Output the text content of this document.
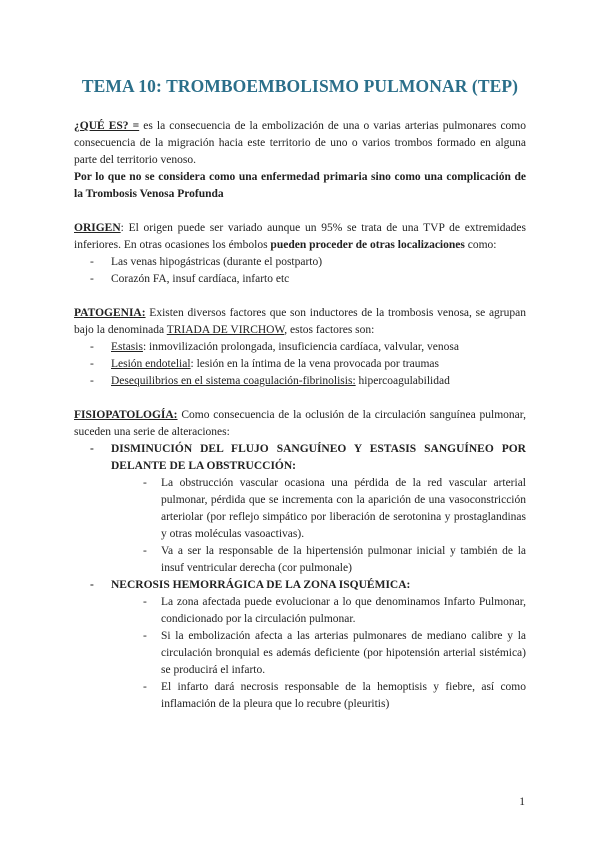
TEMA 10: TROMBOEMBOLISMO PULMONAR (TEP)

¿QUÉ ES? = es la consecuencia de la embolización de una o varias arterias pulmonares como consecuencia de la migración hacia este territorio de uno o varios trombos formado en alguna parte del territorio venoso.

Por lo que no se considera como una enfermedad primaria sino como una complicación de la Trombosis Venosa Profunda

ORIGEN: El origen puede ser variado aunque un 95% se trata de una TVP de extremidades inferiores. En otras ocasiones los émbolos pueden proceder de otras localizaciones como:

- Las venas hipogástricas (durante el postparto)
- Corazón FA, insuf cardíaca, infarto etc

PATOGENIA: Existen diversos factores que son inductores de la trombosis venosa, se agrupan bajo la denominada TRIADA DE VIRCHOW, estos factores son:

- Estasis: inmovilización prolongada, insuficiencia cardíaca, valvular, venosa
- Lesión endotelial: lesión en la íntima de la vena provocada por traumas
- Desequilibrios en el sistema coagulación-fibrinolisis: hipercoagulabilidad

FISIOPATOLOGÍA: Como consecuencia de la oclusión de la circulación sanguínea pulmonar, suceden una serie de alteraciones:

- DISMINUCIÓN DEL FLUJO SANGUÍNEO Y ESTASIS SANGUÍNEO POR DELANTE DE LA OBSTRUCCIÓN:
- La obstrucción vascular ocasiona una pérdida de la red vascular arterial pulmonar, pérdida que se incrementa con la aparición de una vasoconstricción arteriolar (por reflejo simpático por liberación de serotonina y prostaglandinas y otras moléculas vasoactivas).
- Va a ser la responsable de la hipertensión pulmonar inicial y también de la insuf ventricular derecha (cor pulmonale)
- NECROSIS HEMORRÁGICA DE LA ZONA ISQUÉMICA:
- La zona afectada puede evolucionar a lo que denominamos Infarto Pulmonar, condicionado por la circulación pulmonar.
- Si la embolización afecta a las arterias pulmonares de mediano calibre y la circulación bronquial es además deficiente (por hipotensión arterial sistémica) se producirá el infarto.
- El infarto dará necrosis responsable de la hemoptisis y fiebre, así como inflamación de la pleura que lo recubre (pleuritis)
1
